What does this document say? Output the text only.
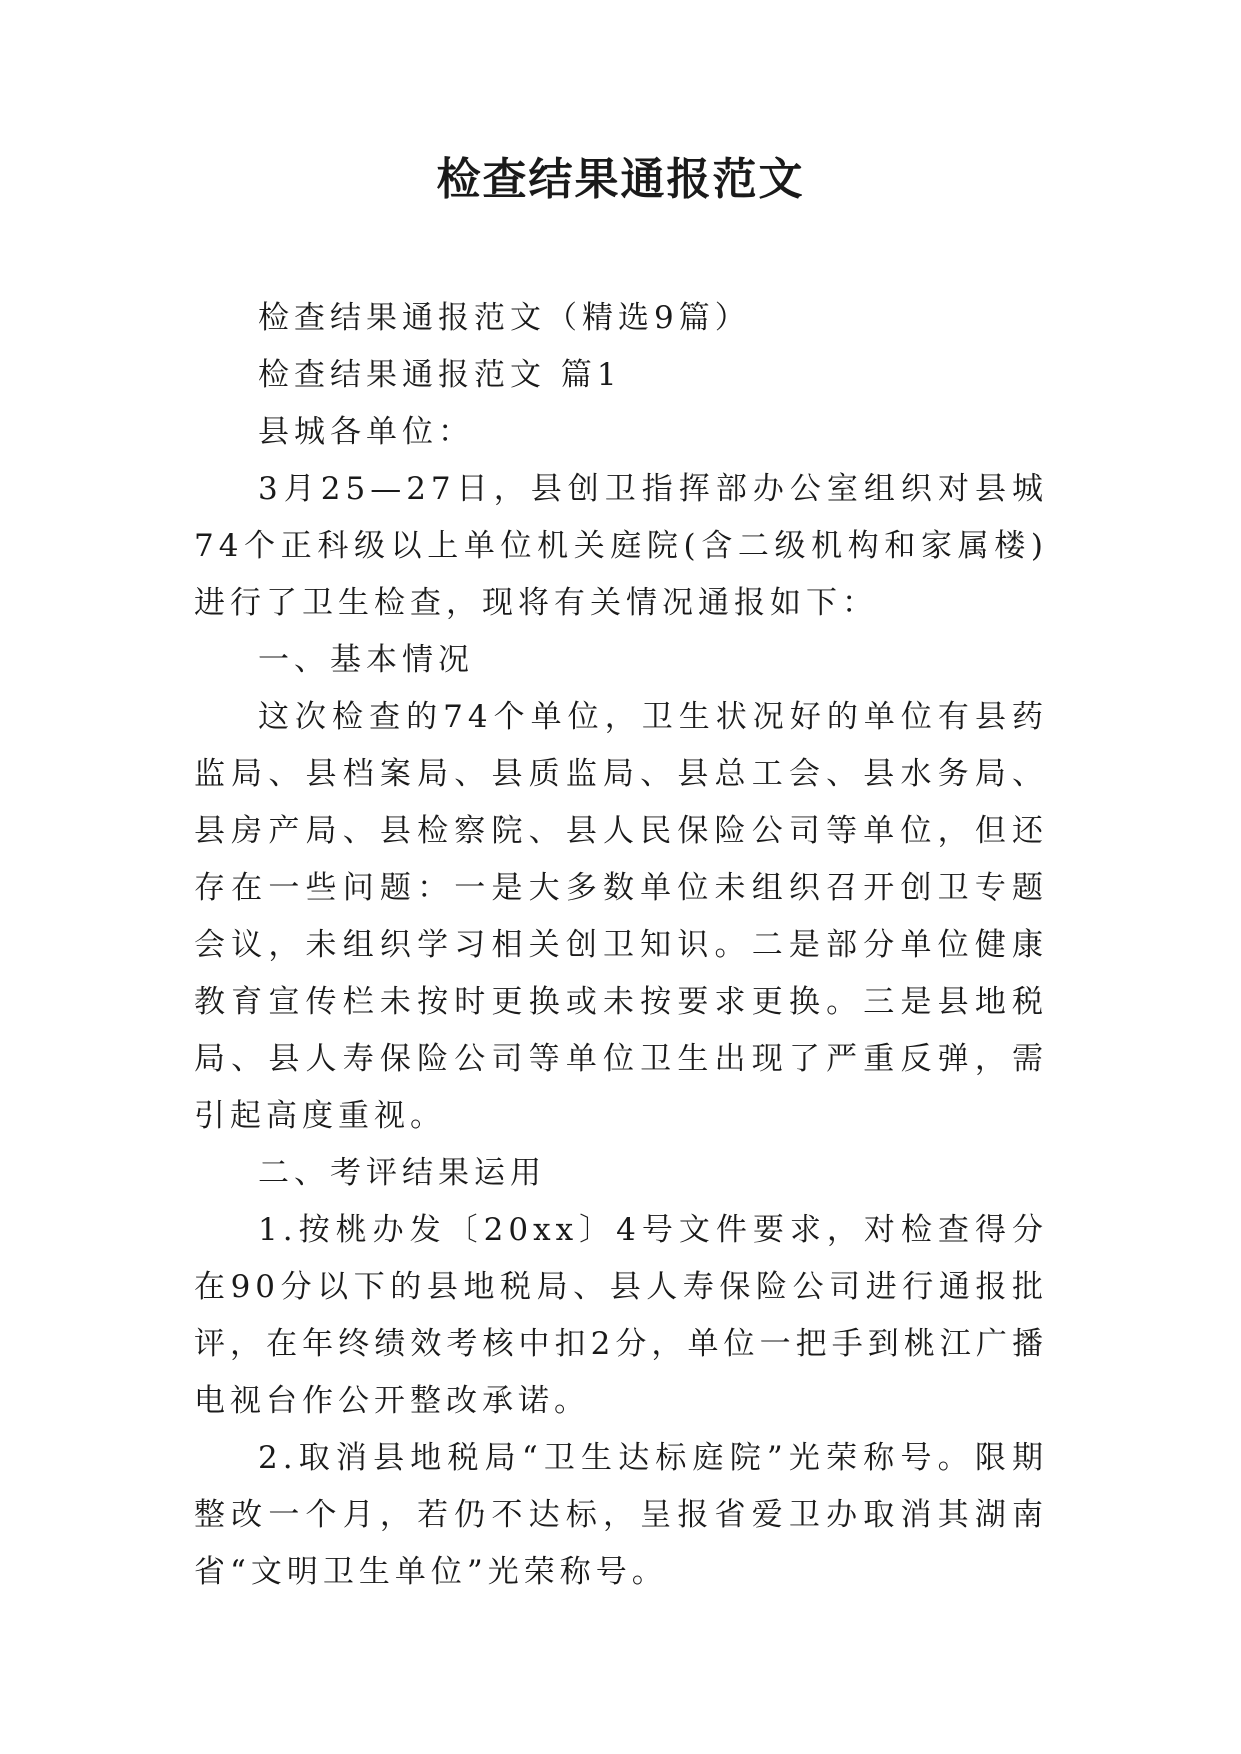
检查结果通报范文

检查结果通报范文（精选9篇）

检查结果通报范文 篇1

县城各单位：

3月25—27日，县创卫指挥部办公室组织对县城74个正科级以上单位机关庭院(含二级机构和家属楼)进行了卫生检查，现将有关情况通报如下：

一、基本情况

这次检查的74个单位，卫生状况好的单位有县药监局、县档案局、县质监局、县总工会、县水务局、县房产局、县检察院、县人民保险公司等单位，但还存在一些问题：一是大多数单位未组织召开创卫专题会议，未组织学习相关创卫知识。二是部分单位健康教育宣传栏未按时更换或未按要求更换。三是县地税局、县人寿保险公司等单位卫生出现了严重反弹，需引起高度重视。

二、考评结果运用

1.按桃办发〔20xx〕4号文件要求，对检查得分在90分以下的县地税局、县人寿保险公司进行通报批评，在年终绩效考核中扣2分，单位一把手到桃江广播电视台作公开整改承诺。

2.取消县地税局“卫生达标庭院”光荣称号。限期整改一个月，若仍不达标，呈报省爱卫办取消其湖南省“文明卫生单位”光荣称号。
